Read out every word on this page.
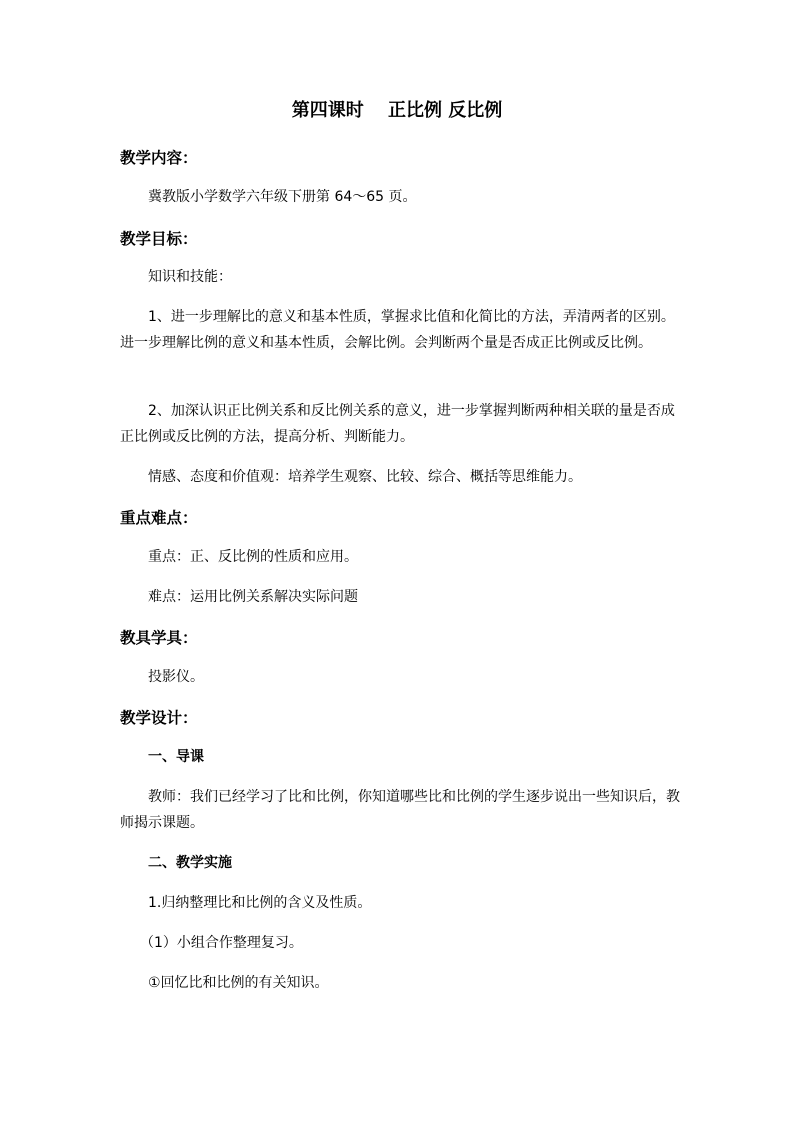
第四课时　 正比例 反比例
教学内容：
冀教版小学数学六年级下册第 64～65 页。
教学目标：
知识和技能：
1、进一步理解比的意义和基本性质，掌握求比值和化简比的方法，弄清两者的区别。进一步理解比例的意义和基本性质，会解比例。会判断两个量是否成正比例或反比例。
2、加深认识正比例关系和反比例关系的意义，进一步掌握判断两种相关联的量是否成正比例或反比例的方法，提高分析、判断能力。
情感、态度和价值观：培养学生观察、比较、综合、概括等思维能力。
重点难点：
重点：正、反比例的性质和应用。
难点：运用比例关系解决实际问题
教具学具：
投影仪。
教学设计：
一、导课
教师：我们已经学习了比和比例，你知道哪些比和比例的学生逐步说出一些知识后，教师揭示课题。
二、教学实施
1.归纳整理比和比例的含义及性质。
（1）小组合作整理复习。
①回忆比和比例的有关知识。
